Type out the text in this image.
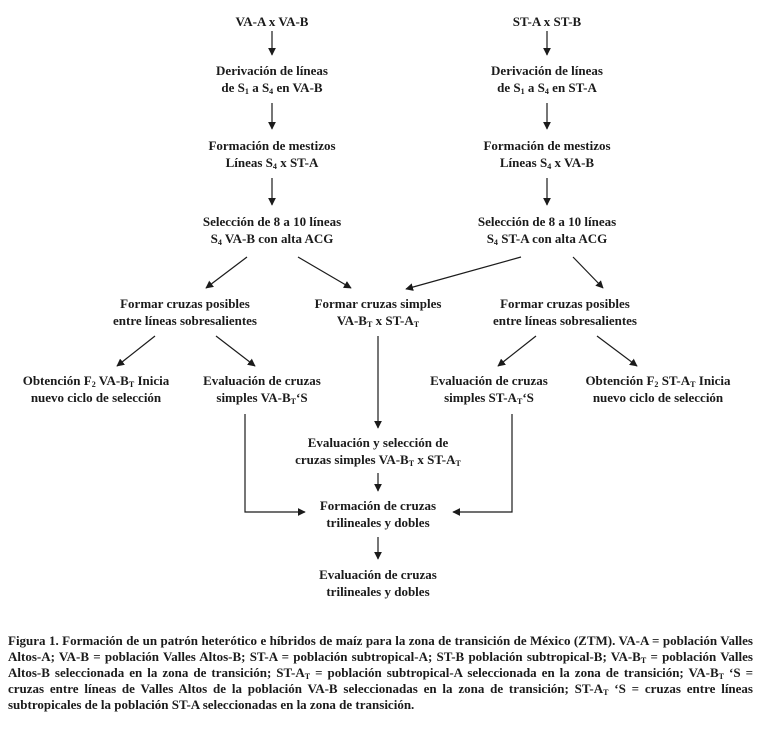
VA-A x VA-B	ST-A x ST-B
Derivación de líneas
de $S_1$ a $S_4$ en VA-B
Derivación de líneas
de $S_1$ a $S_4$ en ST-A
Formación de mestizos
Líneas $S_4$ x ST-A
Formación de mestizos
Líneas $S_4$ x VA-B
Selección de 8 a 10 líneas
$S_4$ VA-B con alta ACG
Selección de 8 a 10 líneas
$S_4$ ST-A con alta ACG
Formar cruzas posibles
entre líneas sobresalientes
Formar cruzas simples
$VA-B_T$ x $ST-A_T$
Formar cruzas posibles
entre líneas sobresalientes
Obtención $F_2$ $VA-B_T$ Inicia
nuevo ciclo de selección
Evaluación de cruzas
simples $VA-B_T‘S$
Evaluación de cruzas
simples $ST-A_T‘S$
Obtención $F_2$ $ST-A_T$ Inicia
nuevo ciclo de selección
Evaluación y selección de
cruzas simples $VA-B_T$ x $ST-A_T$
Formación de cruzas
trilineales y dobles
Evaluación de cruzas
trilineales y dobles

Figura 1. Formación de un patrón heterótico e híbridos de maíz para la zona de transición de México (ZTM). VA-A = población Valles Altos-A; VA-B = población Valles Altos-B; ST-A = población subtropical-A; ST-B población subtropical-B; $VA-B_T$ = población Valles Altos-B seleccionada en la zona de transición; $ST-A_T$ = población subtropical-A seleccionada en la zona de transición; $VA-B_T$ ‘S = cruzas entre líneas de Valles Altos de la población VA-B seleccionadas en la zona de transición; $ST-A_T$ ‘S = cruzas entre líneas subtropicales de la población ST-A seleccionadas en la zona de transición.
